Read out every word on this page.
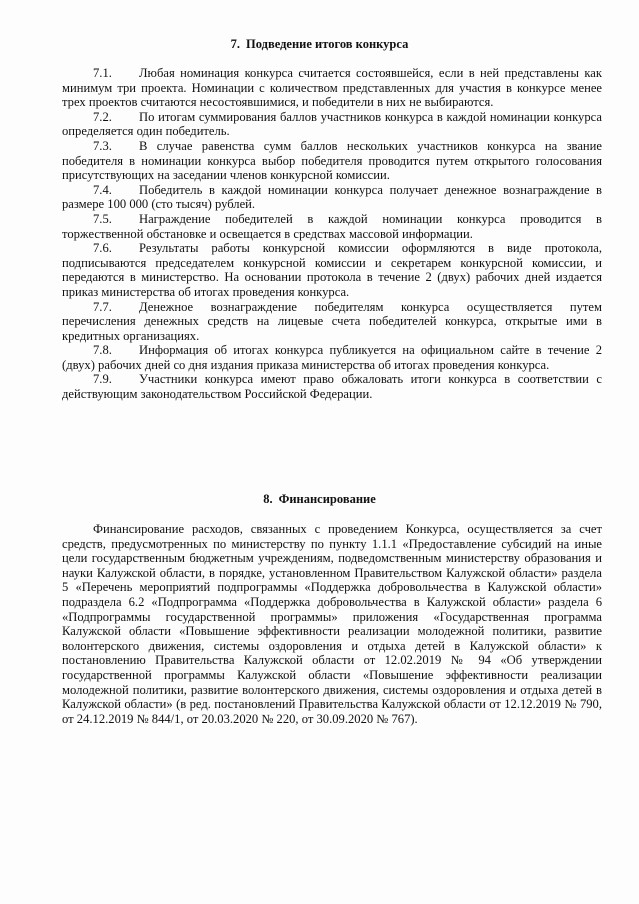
7. Подведение итогов конкурса

7.1. Любая номинация конкурса считается состоявшейся, если в ней представлены как минимум три проекта. Номинации с количеством представленных для участия в конкурсе менее трех проектов считаются несостоявшимися, и победители в них не выбираются.

7.2. По итогам суммирования баллов участников конкурса в каждой номинации конкурса определяется один победитель.

7.3. В случае равенства сумм баллов нескольких участников конкурса на звание победителя в номинации конкурса выбор победителя проводится путем открытого голосования присутствующих на заседании членов конкурсной комиссии.

7.4. Победитель в каждой номинации конкурса получает денежное вознаграждение в размере 100 000 (сто тысяч) рублей.

7.5. Награждение победителей в каждой номинации конкурса проводится в торжественной обстановке и освещается в средствах массовой информации.

7.6. Результаты работы конкурсной комиссии оформляются в виде протокола, подписываются председателем конкурсной комиссии и секретарем конкурсной комиссии, и передаются в министерство. На основании протокола в течение 2 (двух) рабочих дней издается приказ министерства об итогах проведения конкурса.

7.7. Денежное вознаграждение победителям конкурса осуществляется путем перечисления денежных средств на лицевые счета победителей конкурса, открытые ими в кредитных организациях.

7.8. Информация об итогах конкурса публикуется на официальном сайте в течение 2 (двух) рабочих дней со дня издания приказа министерства об итогах проведения конкурса.

7.9. Участники конкурса имеют право обжаловать итоги конкурса в соответствии с действующим законодательством Российской Федерации.

8. Финансирование

Финансирование расходов, связанных с проведением Конкурса, осуществляется за счет средств, предусмотренных по министерству по пункту 1.1.1 «Предоставление субсидий на иные цели государственным бюджетным учреждениям, подведомственным министерству образования и науки Калужской области, в порядке, установленном Правительством Калужской области» раздела 5 «Перечень мероприятий подпрограммы «Поддержка добровольчества в Калужской области» подраздела 6.2 «Подпрограмма «Поддержка добровольчества в Калужской области» раздела 6 «Подпрограммы государственной программы» приложения «Государственная программа Калужской области «Повышение эффективности реализации молодежной политики, развитие волонтерского движения, системы оздоровления и отдыха детей в Калужской области» к постановлению Правительства Калужской области от 12.02.2019 № 94 «Об утверждении государственной программы Калужской области «Повышение эффективности реализации молодежной политики, развитие волонтерского движения, системы оздоровления и отдыха детей в Калужской области» (в ред. постановлений Правительства Калужской области от 12.12.2019 № 790, от 24.12.2019 № 844/1, от 20.03.2020 № 220, от 30.09.2020 № 767).
